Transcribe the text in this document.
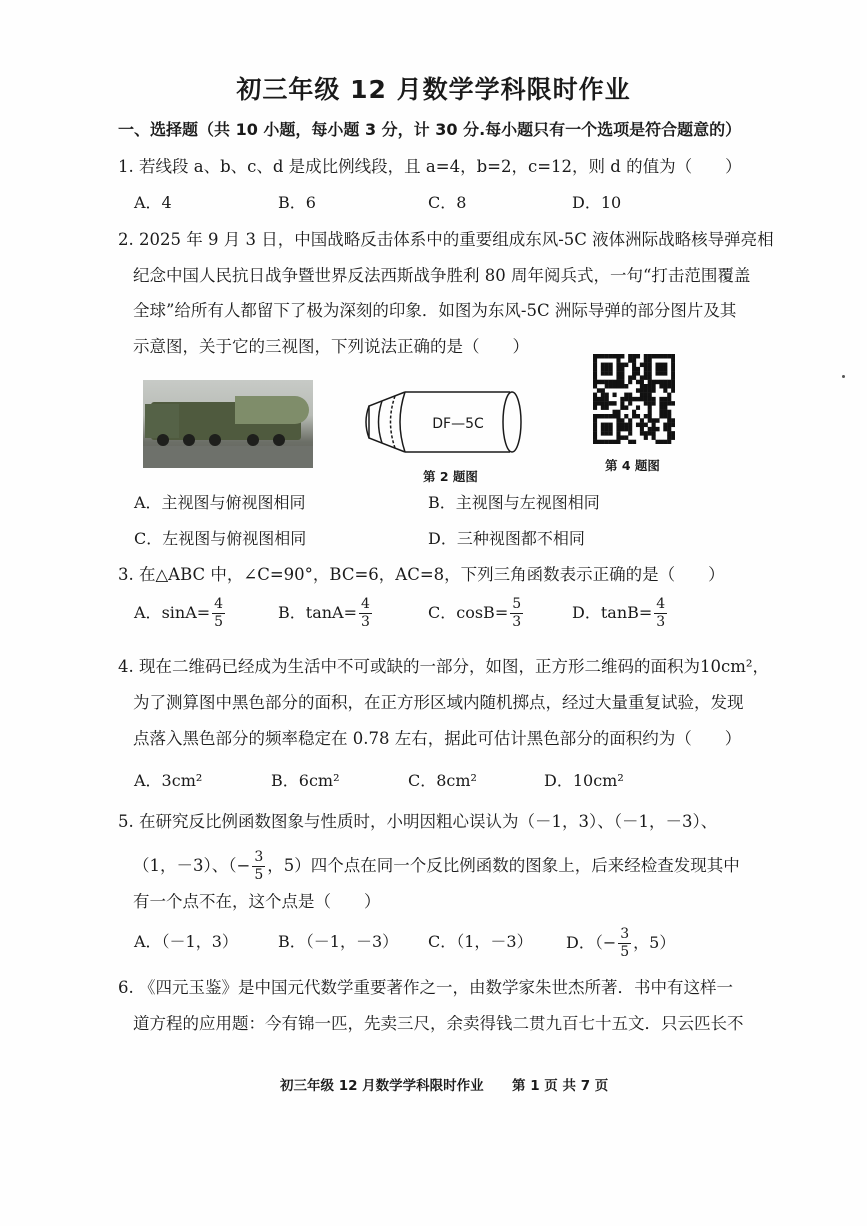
初三年级 12 月数学学科限时作业
一、选择题（共 10 小题，每小题 3 分，计 30 分.每小题只有一个选项是符合题意的）
1. 若线段 a、b、c、d 是成比例线段，且 a=4，b=2，c=12，则 d 的值为（　　）
A．4	B．6	C．8	D．10
2. 2025 年 9 月 3 日，中国战略反击体系中的重要组成东风-5C 液体洲际战略核导弹亮相
纪念中国人民抗日战争暨世界反法西斯战争胜利 80 周年阅兵式，一句“打击范围覆盖
全球”给所有人都留下了极为深刻的印象．如图为东风-5C 洲际导弹的部分图片及其
示意图，关于它的三视图，下列说法正确的是（　　）
DF—5C
第 2 题图
第 4 题图
A．主视图与俯视图相同	B．主视图与左视图相同
C．左视图与俯视图相同	D．三种视图都不相同
3. 在△ABC 中，∠C=90°，BC=6，AC=8，下列三角函数表示正确的是（　　）
A．$\sin A= \frac{4}{5}$	B．$\tan A= \frac{4}{3}$	C．$\cos B= \frac{5}{3}$	D．$\tan B= \frac{4}{3}$
4. 现在二维码已经成为生活中不可或缺的一部分，如图，正方形二维码的面积为10cm²，
为了测算图中黑色部分的面积，在正方形区域内随机掷点，经过大量重复试验，发现
点落入黑色部分的频率稳定在 0.78 左右，据此可估计黑色部分的面积约为（　　）
A．3cm²	B．6cm²	C．8cm²	D．10cm²
5. 在研究反比例函数图象与性质时，小明因粗心误认为（－1，3）、（－1，－3）、
（1，－3）、（− $\frac{3}{5}$ ，5）四个点在同一个反比例函数的图象上，后来经检查发现其中
有一个点不在，这个点是（　　）
A．（－1，3）	B．（－1，－3） C．（1，－3） D．（− $\frac{3}{5}$ ，5）
6. 《四元玉鉴》是中国元代数学重要著作之一，由数学家朱世杰所著．书中有这样一
道方程的应用题：今有锦一匹，先卖三尺，余卖得钱二贯九百七十五文．只云匹长不
初三年级 12 月数学学科限时作业 第 1 页 共 7 页
